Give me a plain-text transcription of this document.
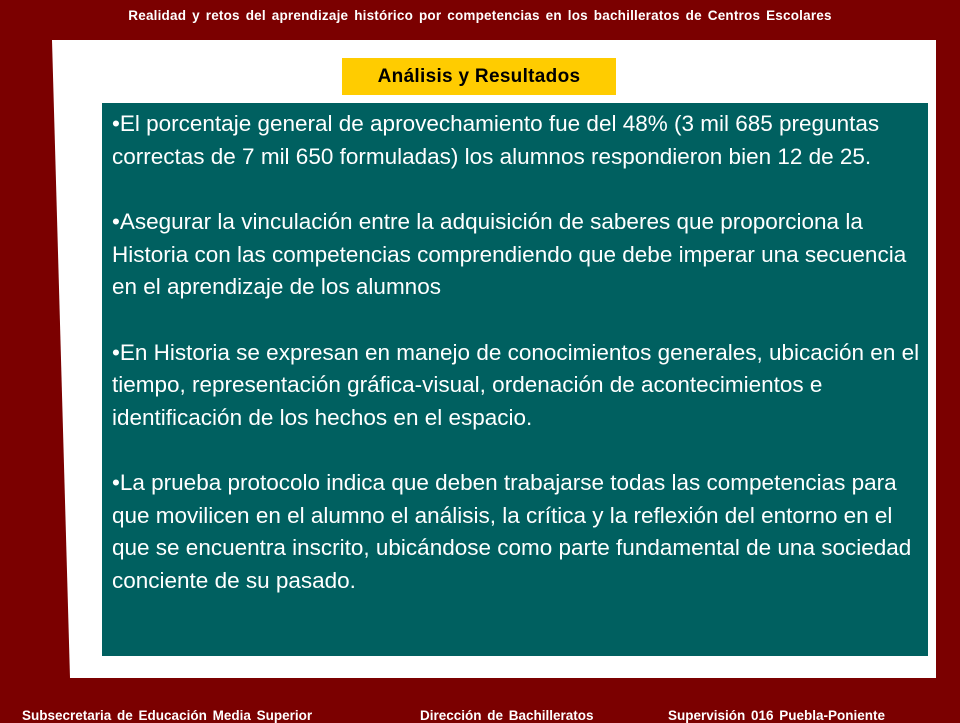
Realidad y retos del aprendizaje histórico por competencias en los bachilleratos de Centros Escolares
Análisis y Resultados

•El porcentaje general de aprovechamiento fue del 48% (3 mil 685 preguntas correctas de 7 mil 650 formuladas) los alumnos respondieron bien 12 de 25.

•Asegurar la vinculación entre la adquisición de saberes que proporciona la Historia con las competencias comprendiendo que debe imperar una secuencia en el aprendizaje de los alumnos

•En Historia se expresan en manejo de conocimientos generales, ubicación en el tiempo, representación gráfica-visual, ordenación de acontecimientos e identificación de los hechos en el espacio.

•La prueba protocolo indica que deben trabajarse todas las competencias para que movilicen en el alumno el análisis, la crítica y la reflexión del entorno en el que se encuentra inscrito, ubicándose como parte fundamental de una sociedad conciente de su pasado.

Subsecretaria de Educación Media Superior	Dirección de Bachilleratos	Supervisión 016 Puebla-Poniente
